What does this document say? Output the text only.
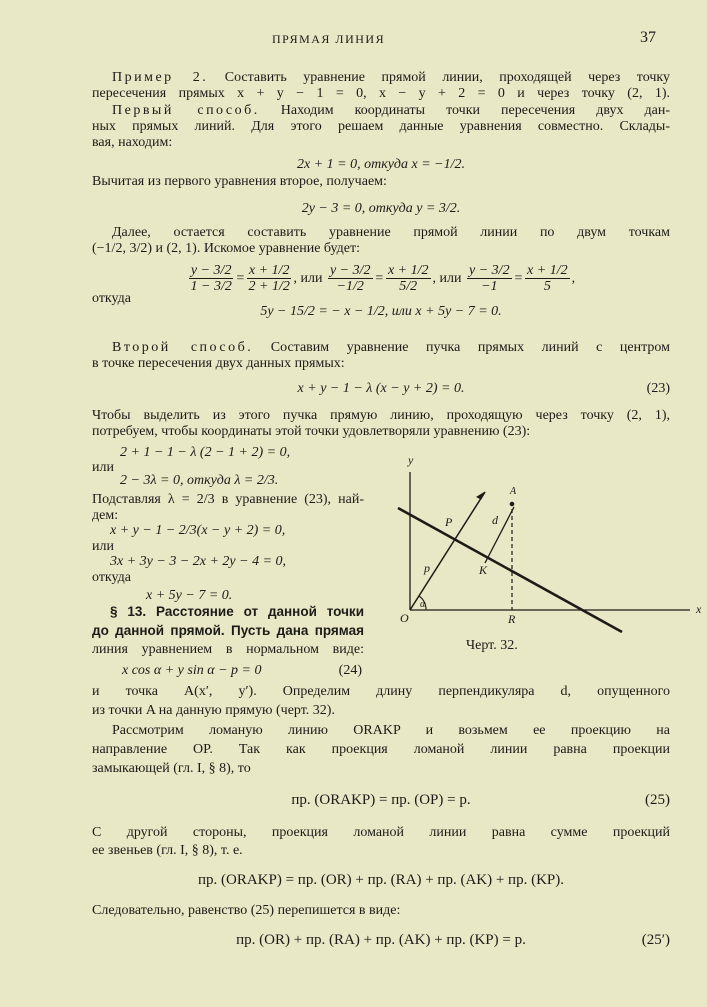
ПРЯМАЯ ЛИНИЯ	37
Пример 2. Составить уравнение прямой линии, проходящей через точку
пересечения прямых x + y − 1 = 0, x − y + 2 = 0 и через точку (2, 1).
Первый способ. Находим координаты точки пересечения двух дан-
ных прямых линий. Для этого решаем данные уравнения совместно. Склады-
вая, находим:
2x + 1 = 0, откуда x = −1/2.
Вычитая из первого уравнения второе, получаем:
2y − 3 = 0, откуда y = 3/2.
Далее, остается составить уравнение прямой линии по двум точкам
(−1/2, 3/2) и (2, 1). Искомое уравнение будет:
$\frac{y - 3/2}{1 - 3/2} = \frac{x + 1/2}{2 + 1/2}$ , или $\frac{y - 3/2}{-1/2} = \frac{x + 1/2}{5/2}$ , или $\frac{y - 3/2}{-1} = \frac{x + 1/2}{5}$ ,
откуда
5y − 15/2 = − x − 1/2, или x + 5y − 7 = 0.
Второй способ. Составим уравнение пучка прямых линий с центром
в точке пересечения двух данных прямых:
x + y − 1 − λ (x − y + 2) = 0.	(23)
Чтобы выделить из этого пучка прямую линию, проходящую через точку (2, 1),
потребуем, чтобы координаты этой точки удовлетворяли уравнению (23):
2 + 1 − 1 − λ (2 − 1 + 2) = 0,
или
2 − 3λ = 0, откуда λ = 2/3.
Подставляя λ = 2/3 в уравнение (23), най-
дем:
x + y − 1 − 2/3(x − y + 2) = 0,
или
3x + 3y − 3 − 2x + 2y − 4 = 0,
откуда
x + 5y − 7 = 0.
§ 13. Расстояние от данной точки
до данной прямой. Пусть дана прямая
линия уравнением в нормальном виде:
x cos α + y sin α − p = 0	(24)
y
x
O
P
p
d
A
K
R
α
Черт. 32.
и точка A(x′, y′). Определим длину перпендикуляра d, опущенного
из точки A на данную прямую (черт. 32).
Рассмотрим ломаную линию ORAKP и возьмем ее проекцию на
направление OP. Так как проекция ломаной линии равна проекции
замыкающей (гл. I, § 8), то
пр. (ORAKP) = пр. (OP) = p.	(25)
С другой стороны, проекция ломаной линии равна сумме проекций
ее звеньев (гл. I, § 8), т. е.
пр. (ORAKP) = пр. (OR) + пр. (RA) + пр. (AK) + пр. (KP).
Следовательно, равенство (25) перепишется в виде:
пр. (OR) + пр. (RA) + пр. (AK) + пр. (KP) = p.	(25′)
